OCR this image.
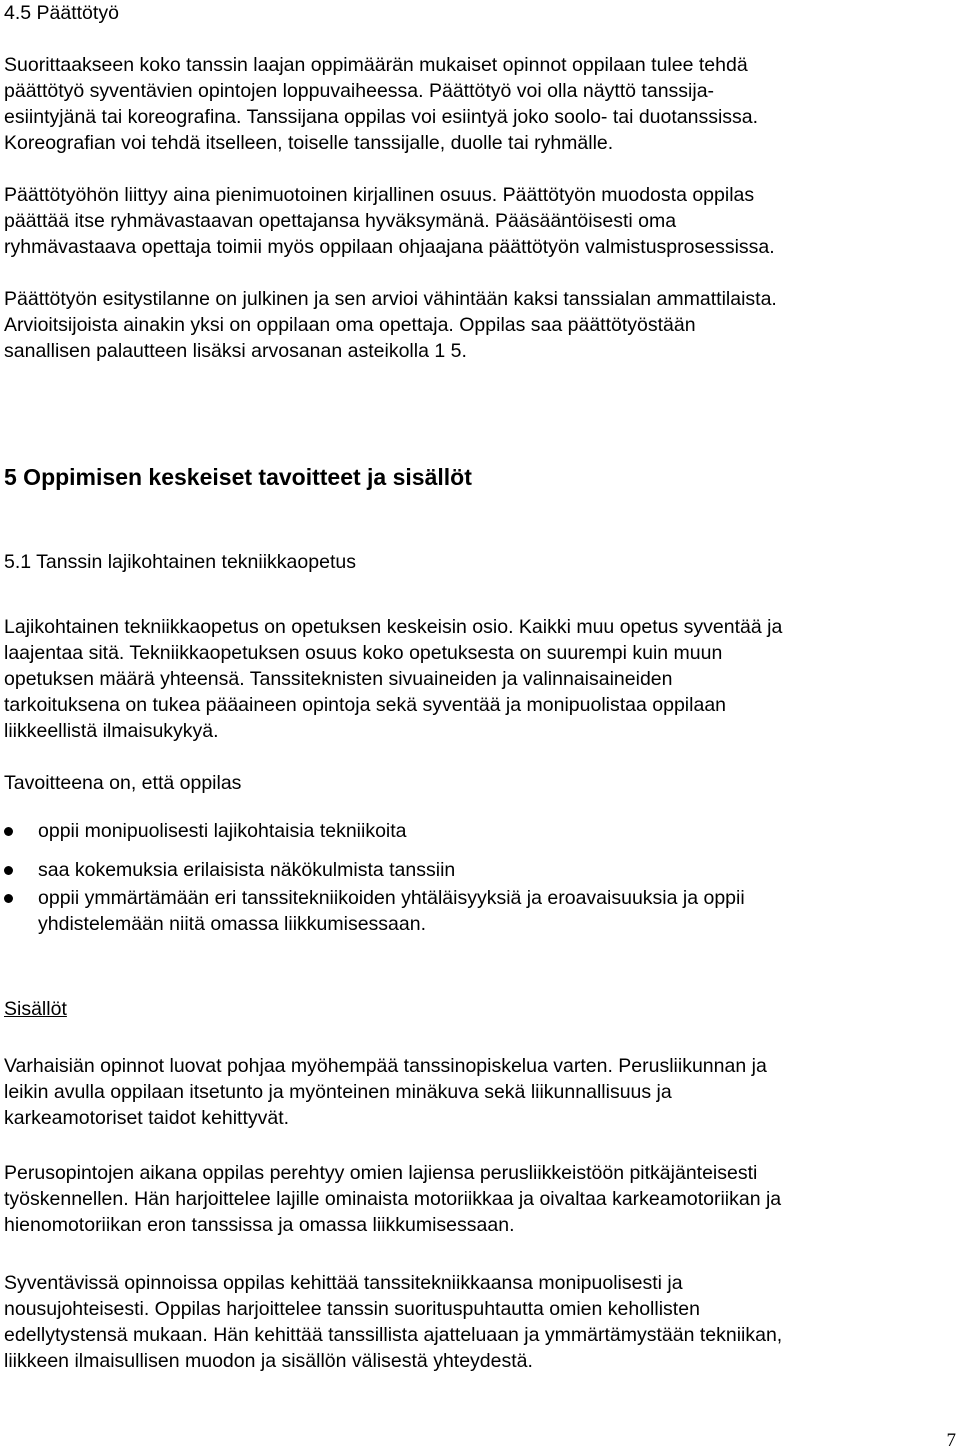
4.5 Päättötyö

Suorittaakseen koko tanssin laajan oppimäärän mukaiset opinnot oppilaan tulee tehdä

päättötyö syventävien opintojen loppuvaiheessa. Päättötyö voi olla näyttö tanssija-

esiintyjänä tai koreografina. Tanssijana oppilas voi esiintyä joko soolo- tai duotanssissa.

Koreografian voi tehdä itselleen, toiselle tanssijalle, duolle tai ryhmälle.

Päättötyöhön liittyy aina pienimuotoinen kirjallinen osuus. Päättötyön muodosta oppilas

päättää itse ryhmävastaavan opettajansa hyväksymänä. Pääsääntöisesti oma

ryhmävastaava opettaja toimii myös oppilaan ohjaajana päättötyön valmistusprosessissa.

Päättötyön esitystilanne on julkinen ja sen arvioi vähintään kaksi tanssialan ammattilaista.

Arvioitsijoista ainakin yksi on oppilaan oma opettaja. Oppilas saa päättötyöstään

sanallisen palautteen lisäksi arvosanan asteikolla 1 5.

5 Oppimisen keskeiset tavoitteet ja sisällöt

5.1 Tanssin lajikohtainen tekniikkaopetus

Lajikohtainen tekniikkaopetus on opetuksen keskeisin osio. Kaikki muu opetus syventää ja

laajentaa sitä. Tekniikkaopetuksen osuus koko opetuksesta on suurempi kuin muun

opetuksen määrä yhteensä. Tanssiteknisten sivuaineiden ja valinnaisaineiden

tarkoituksena on tukea pääaineen opintoja sekä syventää ja monipuolistaa oppilaan

liikkeellistä ilmaisukykyä.

Tavoitteena on, että oppilas

oppii monipuolisesti lajikohtaisia tekniikoita

saa kokemuksia erilaisista näkökulmista tanssiin

oppii ymmärtämään eri tanssitekniikoiden yhtäläisyyksiä ja eroavaisuuksia ja oppii

yhdistelemään niitä omassa liikkumisessaan.

Sisällöt

Varhaisiän opinnot luovat pohjaa myöhempää tanssinopiskelua varten. Perusliikunnan ja

leikin avulla oppilaan itsetunto ja myönteinen minäkuva sekä liikunnallisuus ja

karkeamotoriset taidot kehittyvät.

Perusopintojen aikana oppilas perehtyy omien lajiensa perusliikkeistöön pitkäjänteisesti

työskennellen. Hän harjoittelee lajille ominaista motoriikkaa ja oivaltaa karkeamotoriikan ja

hienomotoriikan eron tanssissa ja omassa liikkumisessaan.

Syventävissä opinnoissa oppilas kehittää tanssitekniikkaansa monipuolisesti ja

nousujohteisesti. Oppilas harjoittelee tanssin suorituspuhtautta omien kehollisten

edellytystensä mukaan. Hän kehittää tanssillista ajatteluaan ja ymmärtämystään tekniikan,

liikkeen ilmaisullisen muodon ja sisällön välisestä yhteydestä.

7
